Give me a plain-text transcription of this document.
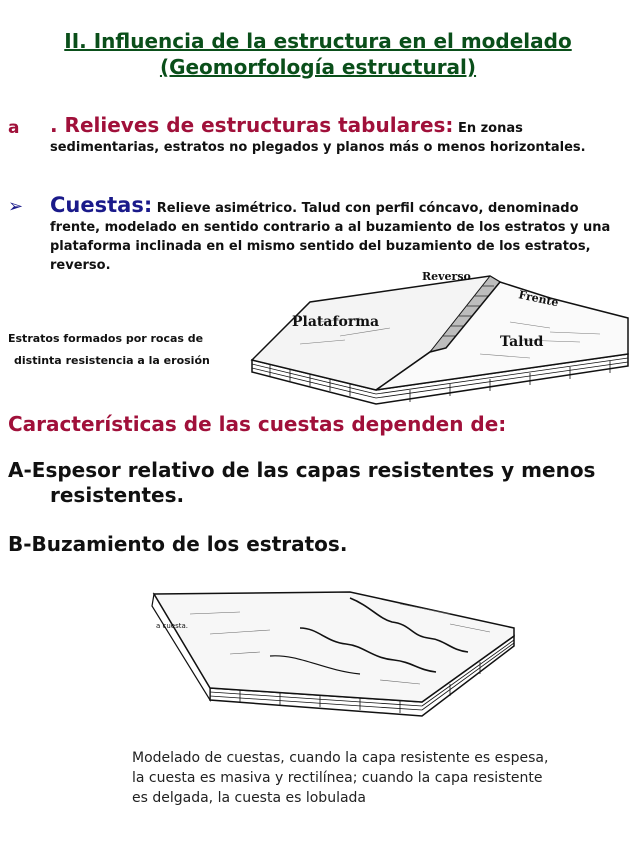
II. Influencia de la estructura en el modelado
(Geomorfología estructural)
a . Relieves de estructuras tabulares: En zonas sedimentarias, estratos no plegados y planos más o menos horizontales.
➢ Cuestas: Relieve asimétrico. Talud con perfil cóncavo, denominado frente, modelado en sentido contrario a al buzamiento de los estratos y una plataforma inclinada en el mismo sentido del buzamiento de los estratos, reverso.
Estratos formados por rocas de
distinta resistencia a la erosión
Reverso
Frente
Plataforma
Talud
Características de las cuestas dependen de:
A-Espesor relativo de las capas resistentes y menos
resistentes.
B-Buzamiento de los estratos.
a cuesta.
Modelado de cuestas, cuando la capa resistente es espesa, la cuesta es masiva y rectilínea; cuando la capa resistente es delgada, la cuesta es lobulada
